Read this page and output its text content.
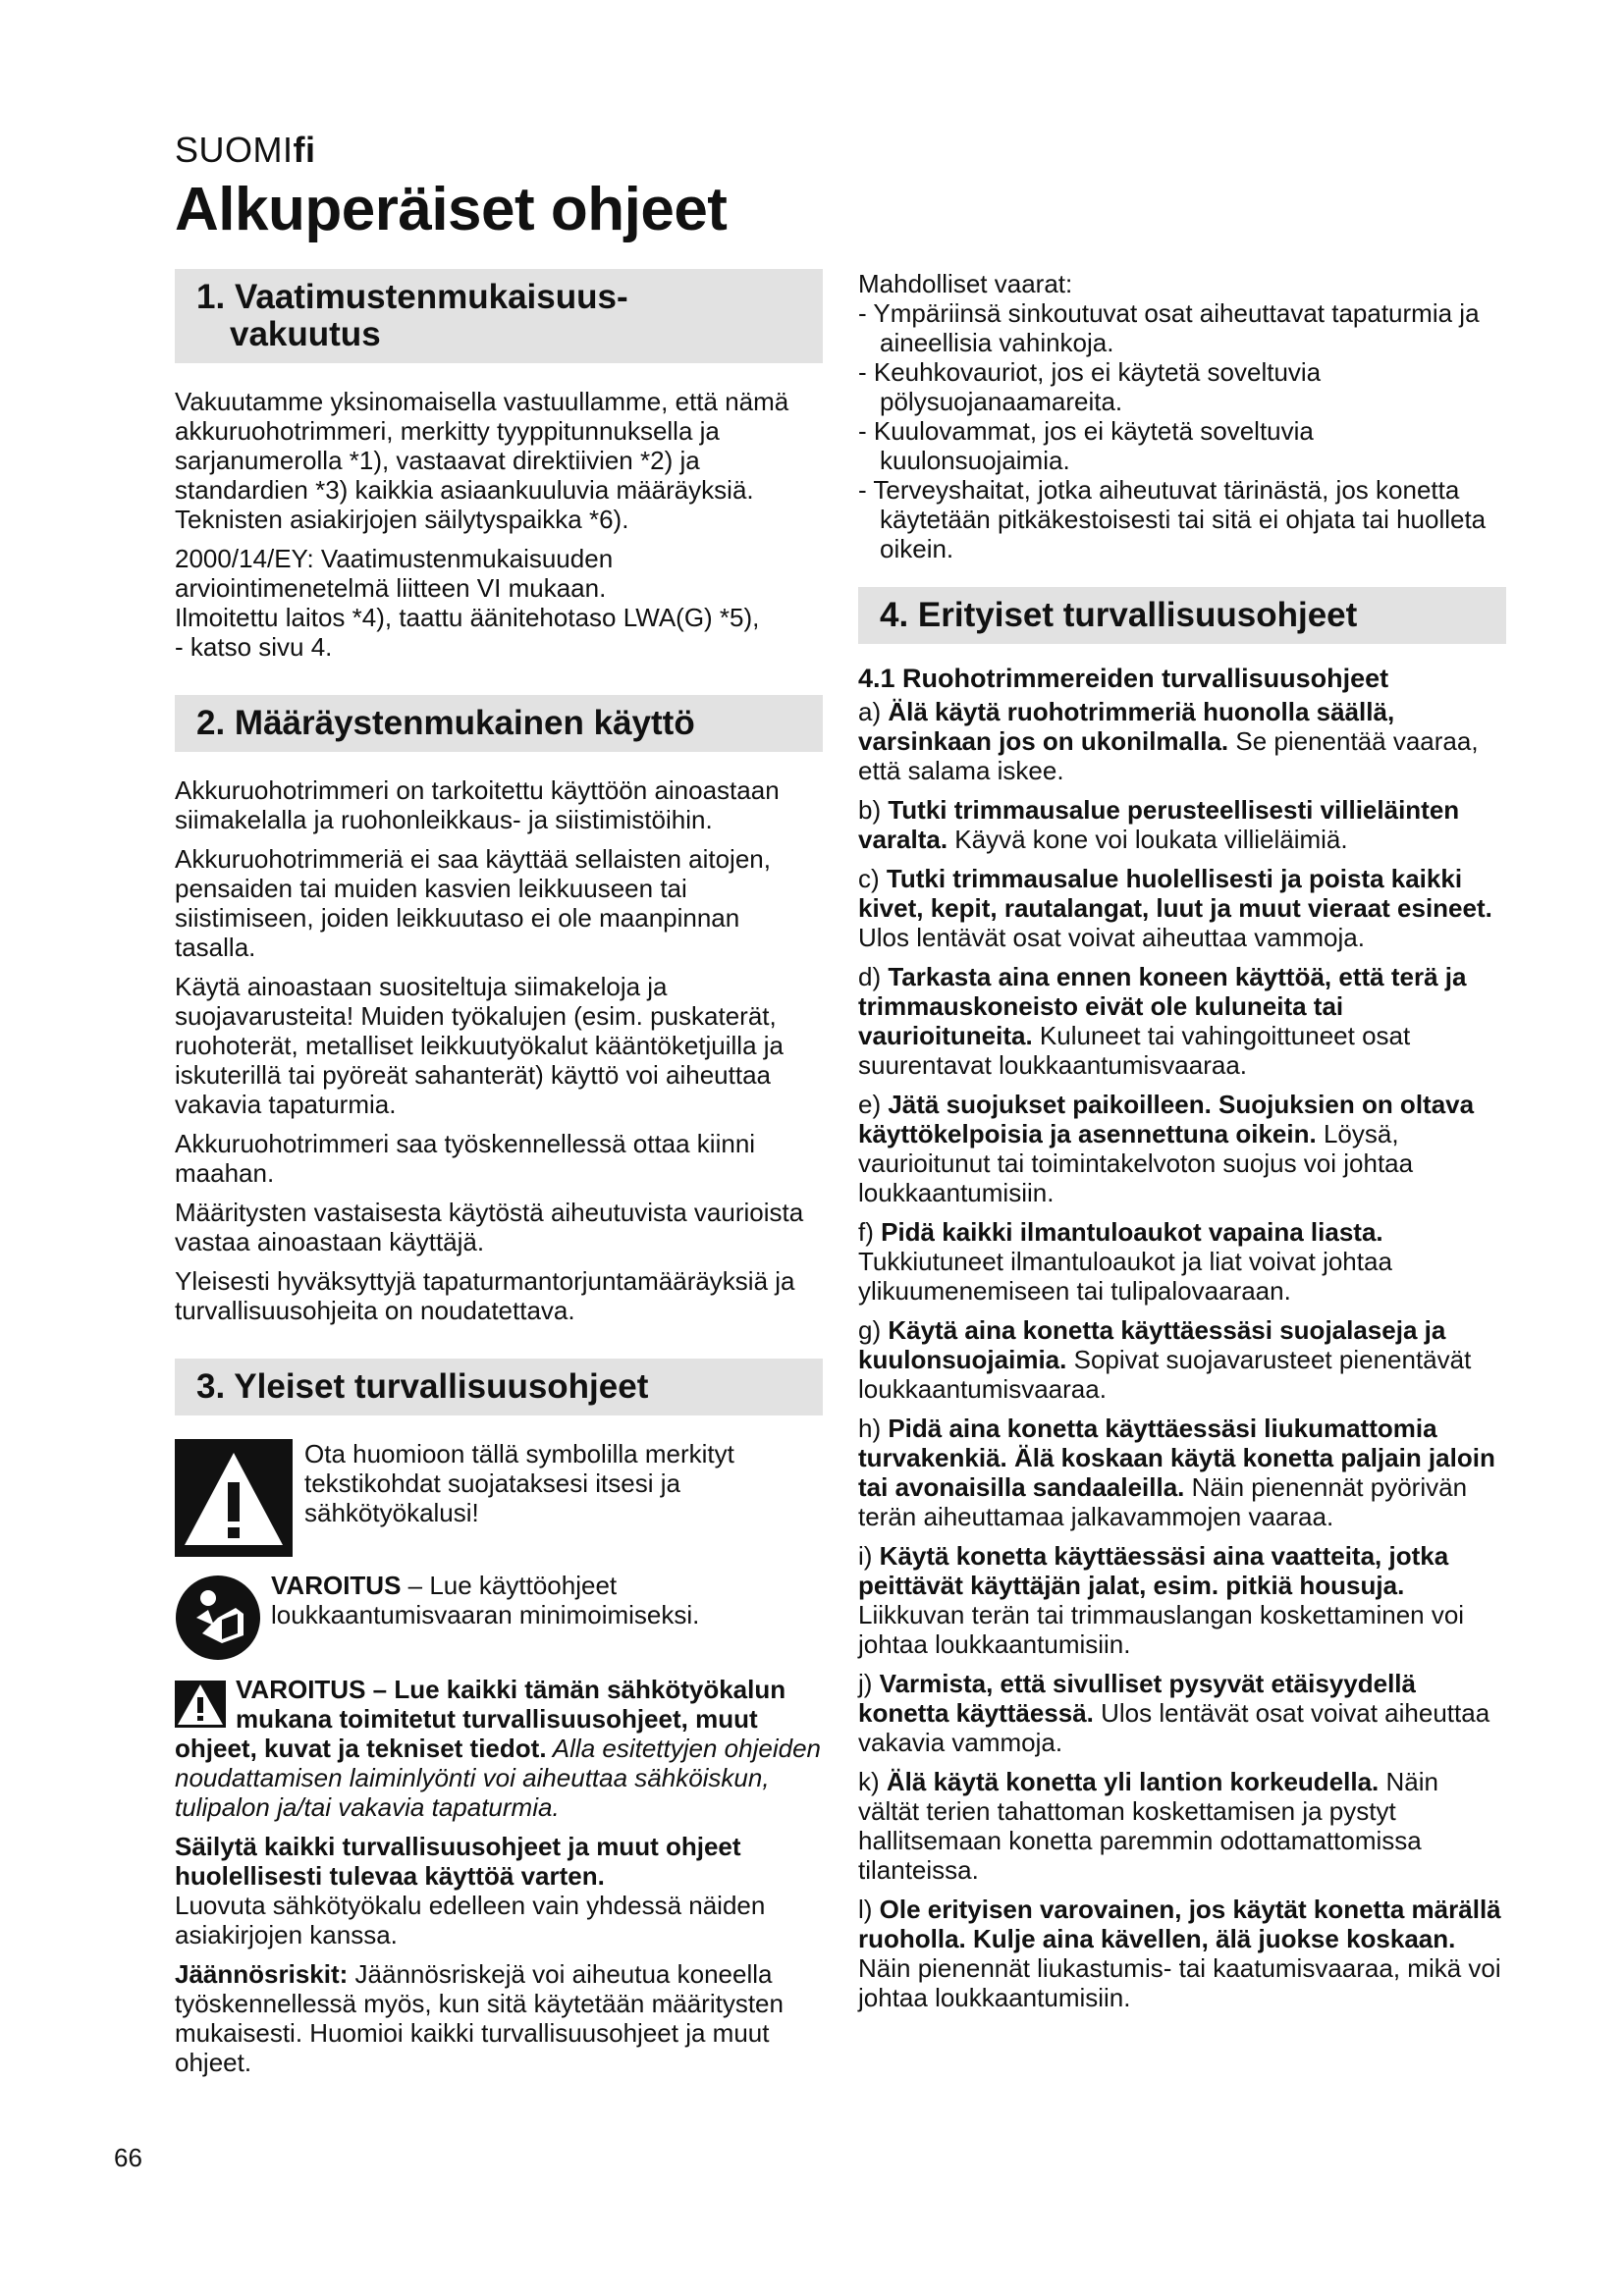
SUOMIfi
Alkuperäiset ohjeet
1. Vaatimustenmukaisuus-
vakuutus

Vakuutamme yksinomaisella vastuullamme, että nämä akkuruohotrimmeri, merkitty tyyppitunnuksella ja sarjanumerolla *1), vastaavat direktiivien *2) ja standardien *3) kaikkia asiaankuuluvia määräyksiä. Teknisten asiakirjojen säilytyspaikka *6).

2000/14/EY: Vaatimustenmukaisuuden arviointimenetelmä liitteen VI mukaan.

Ilmoitettu laitos *4), taattu äänitehotaso LWA(G) *5),

- katso sivu 4.

2. Määräystenmukainen käyttö

Akkuruohotrimmeri on tarkoitettu käyttöön ainoastaan siimakelalla ja ruohonleikkaus- ja siistimistöihin.

Akkuruohotrimmeriä ei saa käyttää sellaisten aitojen, pensaiden tai muiden kasvien leikkuuseen tai siistimiseen, joiden leikkuutaso ei ole maanpinnan tasalla.

Käytä ainoastaan suositeltuja siimakeloja ja suojavarusteita! Muiden työkalujen (esim. puskaterät, ruohoterät, metalliset leikkuutyökalut kääntöketjuilla ja iskuterillä tai pyöreät sahanterät) käyttö voi aiheuttaa vakavia tapaturmia.

Akkuruohotrimmeri saa työskennellessä ottaa kiinni maahan.

Määritysten vastaisesta käytöstä aiheutuvista vaurioista vastaa ainoastaan käyttäjä.

Yleisesti hyväksyttyjä tapaturmantorjuntamääräyksiä ja turvallisuusohjeita on noudatettava.

3. Yleiset turvallisuusohjeet
Ota huomioon tällä symbolilla merkityt tekstikohdat suojataksesi itsesi ja sähkötyökalusi!
VAROITUS – Lue käyttöohjeet loukkaantumisvaaran minimoimiseksi.

VAROITUS – Lue kaikki tämän sähkötyökalun mukana toimitetut turvallisuusohjeet, muut ohjeet, kuvat ja tekniset tiedot. Alla esitettyjen ohjeiden noudattamisen laiminlyönti voi aiheuttaa sähköiskun, tulipalon ja/tai vakavia tapaturmia.

Säilytä kaikki turvallisuusohjeet ja muut ohjeet huolellisesti tulevaa käyttöä varten.

Luovuta sähkötyökalu edelleen vain yhdessä näiden asiakirjojen kanssa.

Jäännösriskit: Jäännösriskejä voi aiheutua koneella työskennellessä myös, kun sitä käytetään määritysten mukaisesti. Huomioi kaikki turvallisuusohjeet ja muut ohjeet.

Mahdolliset vaarat:

- Ympäriinsä sinkoutuvat osat aiheuttavat tapaturmia ja aineellisia vahinkoja.

- Keuhkovauriot, jos ei käytetä soveltuvia pölysuojanaamareita.

- Kuulovammat, jos ei käytetä soveltuvia kuulonsuojaimia.

- Terveyshaitat, jotka aiheutuvat tärinästä, jos konetta käytetään pitkäkestoisesti tai sitä ei ohjata tai huolleta oikein.

4. Erityiset turvallisuusohjeet
4.1 Ruohotrimmereiden turvallisuusohjeet

a) Älä käytä ruohotrimmeriä huonolla säällä, varsinkaan jos on ukonilmalla. Se pienentää vaaraa, että salama iskee.

b) Tutki trimmausalue perusteellisesti villieläinten varalta. Käyvä kone voi loukata villieläimiä.

c) Tutki trimmausalue huolellisesti ja poista kaikki kivet, kepit, rautalangat, luut ja muut vieraat esineet. Ulos lentävät osat voivat aiheuttaa vammoja.

d) Tarkasta aina ennen koneen käyttöä, että terä ja trimmauskoneisto eivät ole kuluneita tai vaurioituneita. Kuluneet tai vahingoittuneet osat suurentavat loukkaantumisvaaraa.

e) Jätä suojukset paikoilleen. Suojuksien on oltava käyttökelpoisia ja asennettuna oikein. Löysä, vaurioitunut tai toimintakelvoton suojus voi johtaa loukkaantumisiin.

f) Pidä kaikki ilmantuloaukot vapaina liasta. Tukkiutuneet ilmantuloaukot ja liat voivat johtaa ylikuumenemiseen tai tulipalovaaraan.

g) Käytä aina konetta käyttäessäsi suojalaseja ja kuulonsuojaimia. Sopivat suojavarusteet pienentävät loukkaantumisvaaraa.

h) Pidä aina konetta käyttäessäsi liukumattomia turvakenkiä. Älä koskaan käytä konetta paljain jaloin tai avonaisilla sandaaleilla. Näin pienennät pyörivän terän aiheuttamaa jalkavammojen vaaraa.

i) Käytä konetta käyttäessäsi aina vaatteita, jotka peittävät käyttäjän jalat, esim. pitkiä housuja. Liikkuvan terän tai trimmauslangan koskettaminen voi johtaa loukkaantumisiin.

j) Varmista, että sivulliset pysyvät etäisyydellä konetta käyttäessä. Ulos lentävät osat voivat aiheuttaa vakavia vammoja.

k) Älä käytä konetta yli lantion korkeudella. Näin vältät terien tahattoman koskettamisen ja pystyt hallitsemaan konetta paremmin odottamattomissa tilanteissa.

l) Ole erityisen varovainen, jos käytät konetta märällä ruoholla. Kulje aina kävellen, älä juokse koskaan. Näin pienennät liukastumis- tai kaatumisvaaraa, mikä voi johtaa loukkaantumisiin.

66
